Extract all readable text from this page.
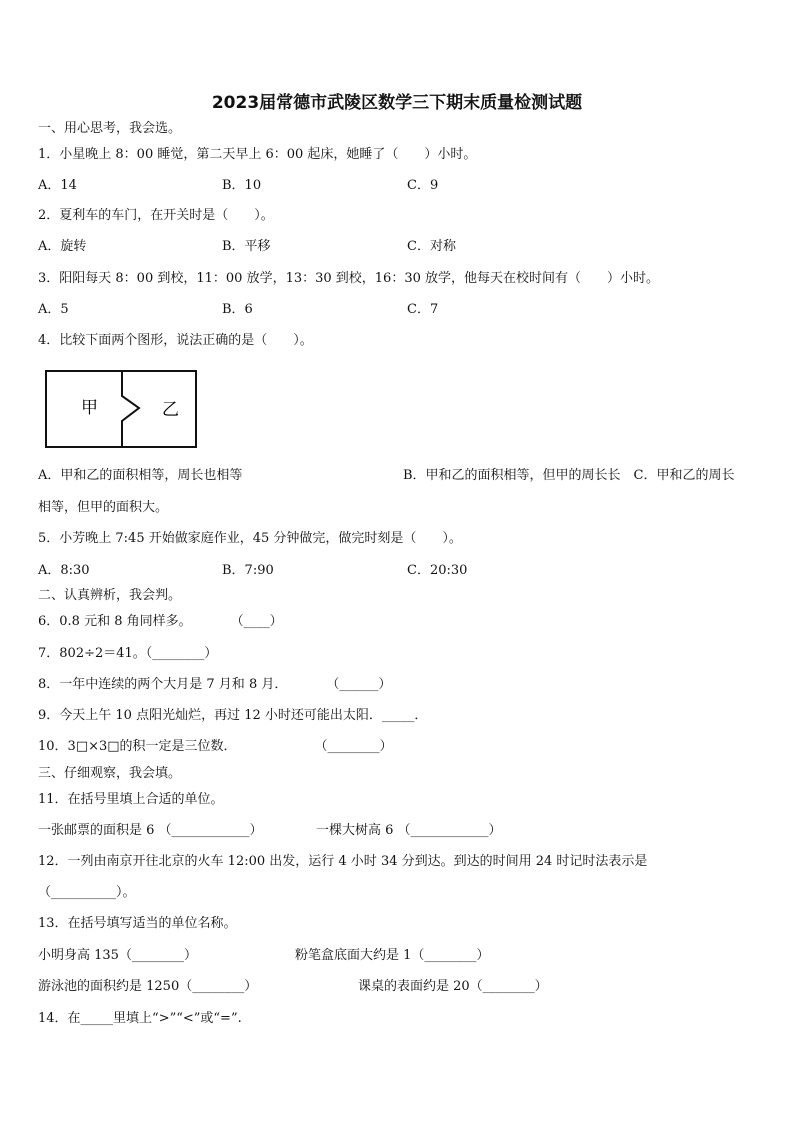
2023届常德市武陵区数学三下期末质量检测试题
一、用心思考，我会选。
1．小星晚上 8：00 睡觉，第二天早上 6：00 起床，她睡了（　　）小时。
A．14	B．10	C．9
2．夏利车的车门，在开关时是（　　）。
A．旋转	B．平移	C．对称
3．阳阳每天 8：00 到校，11：00 放学，13：30 到校，16：30 放学，他每天在校时间有（　　）小时。
A．5	B．6	C．7
4．比较下面两个图形，说法正确的是（　　）。
甲	乙
A．甲和乙的面积相等，周长也相等	B．甲和乙的面积相等，但甲的周长长　C．甲和乙的周长
相等，但甲的面积大。
5．小芳晚上 7:45 开始做家庭作业，45 分钟做完，做完时刻是（　　）。
A．8:30	B．7:90	C．20:30
二、认真辨析，我会判。
6．0.8 元和 8 角同样多。　　　　（____）
7．802÷2＝41。（________）
8．一年中连续的两个大月是 7 月和 8 月．　　　　（______）
9．今天上午 10 点阳光灿烂，再过 12 小时还可能出太阳．_____．
10．3□×3□的积一定是三位数．　　　　　　　（________）
三、仔细观察，我会填。
11．在括号里填上合适的单位。
一张邮票的面积是 6 （____________）	一棵大树高 6 （____________）
12．一列由南京开往北京的火车 12:00 出发，运行 4 小时 34 分到达。到达的时间用 24 时记时法表示是
（__________）。
13．在括号填写适当的单位名称。
小明身高 135（________）	粉笔盒底面大约是 1（________）
游泳池的面积约是 1250（________）	课桌的表面约是 20（________）
14．在_____里填上“>”“<”或“=”.
